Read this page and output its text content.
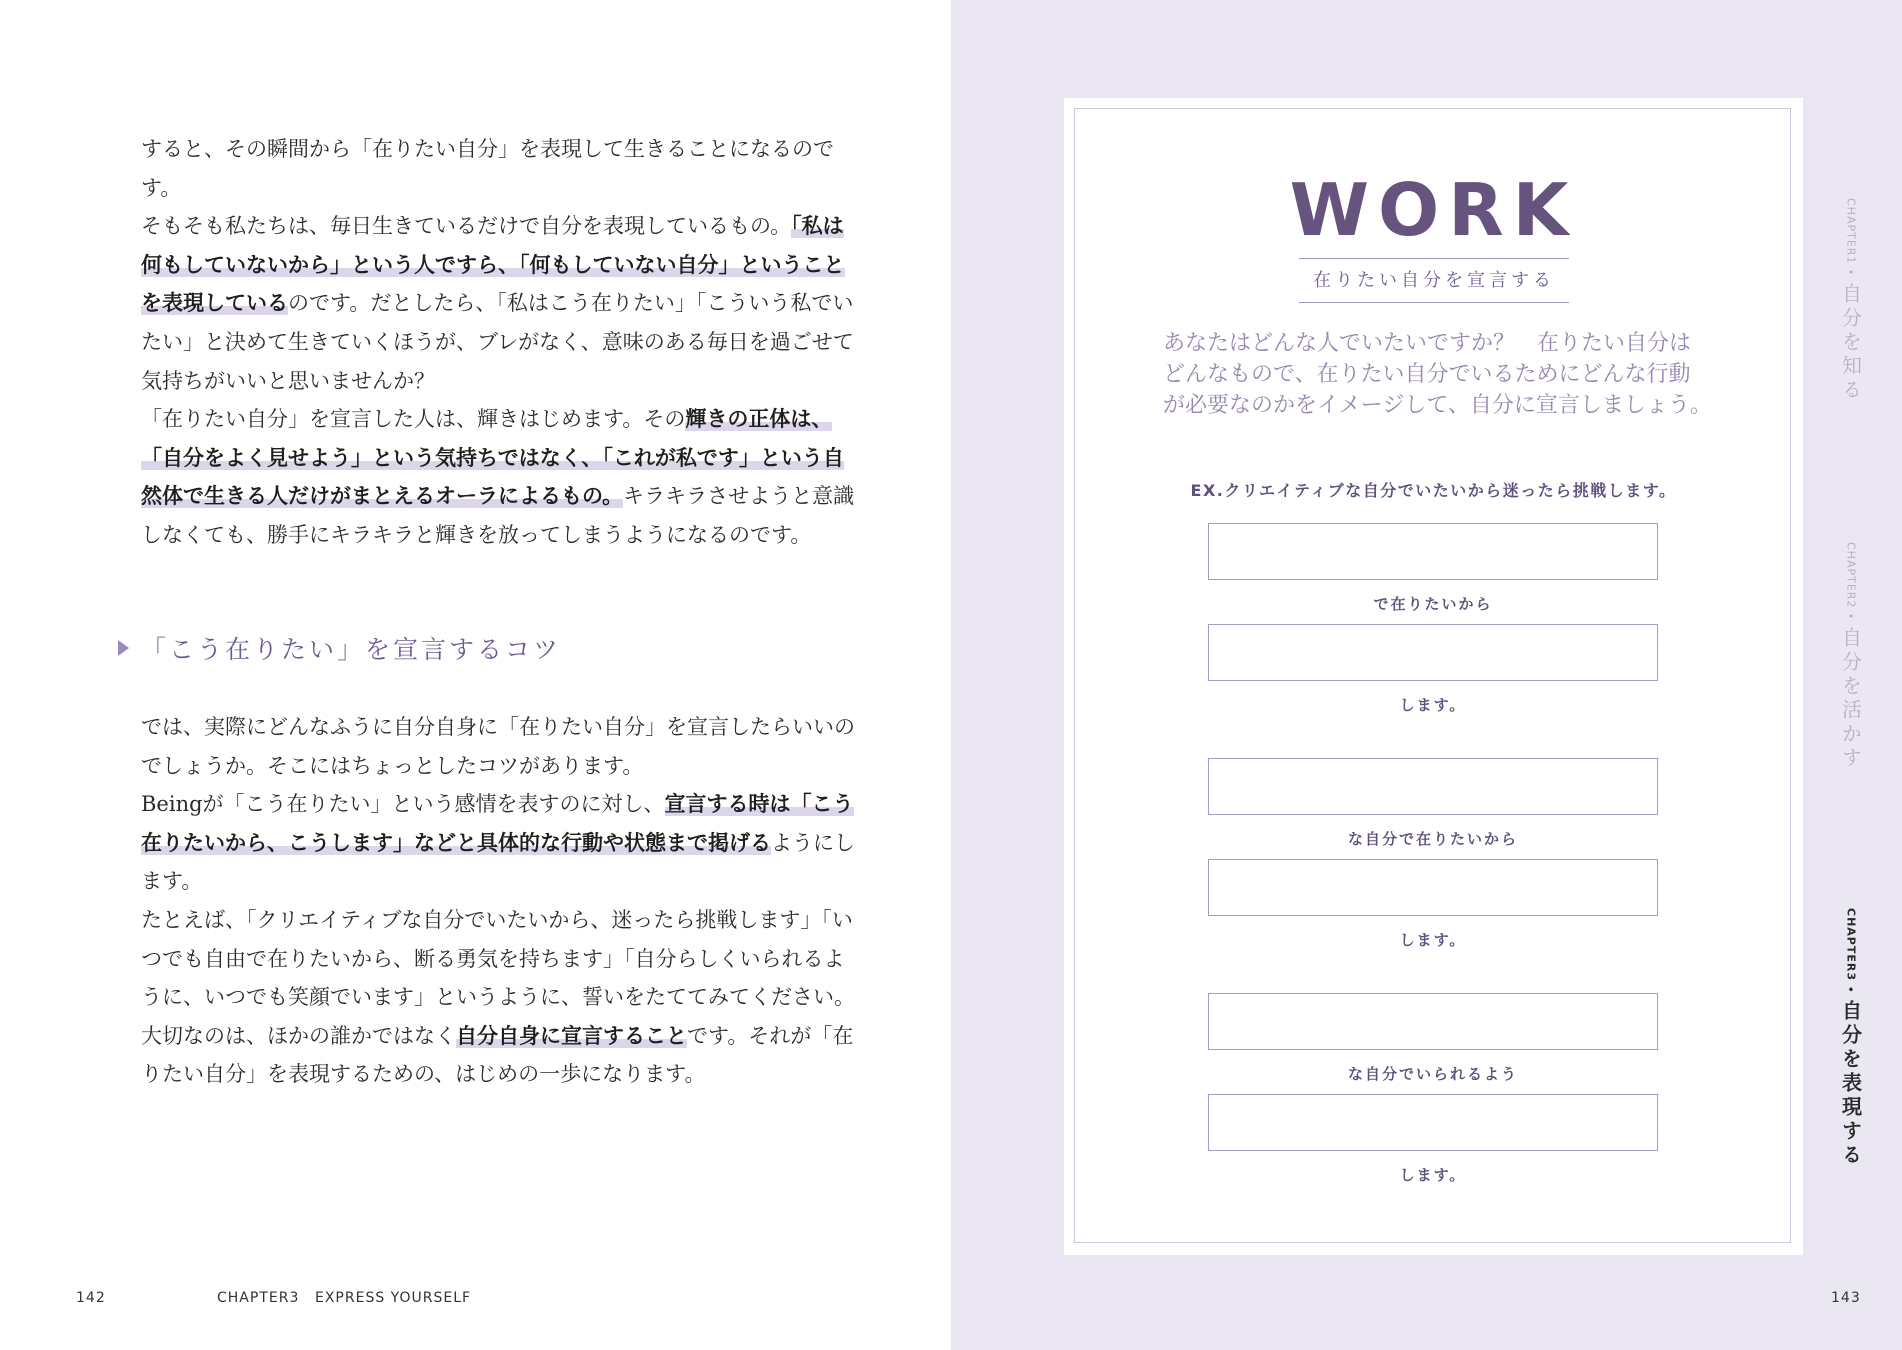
すると、その瞬間から「在りたい自分」を表現して生きることになるのです。

そもそも私たちは、毎日生きているだけで自分を表現しているもの。「私は何もしていないから」という人ですら、「何もしていない自分」ということを表現しているのです。だとしたら、「私はこう在りたい」「こういう私でいたい」と決めて生きていくほうが、ブレがなく、意味のある毎日を過ごせて気持ちがいいと思いませんか？

「在りたい自分」を宣言した人は、輝きはじめます。その輝きの正体は、「自分をよく見せよう」という気持ちではなく、「これが私です」という自然体で生きる人だけがまとえるオーラによるもの。キラキラさせようと意識しなくても、勝手にキラキラと輝きを放ってしまうようになるのです。

「こう在りたい」を宣言するコツ

では、実際にどんなふうに自分自身に「在りたい自分」を宣言したらいいのでしょうか。そこにはちょっとしたコツがあります。

Beingが「こう在りたい」という感情を表すのに対し、宣言する時は「こう在りたいから、こうします」などと具体的な行動や状態まで掲げるようにします。

たとえば、「クリエイティブな自分でいたいから、迷ったら挑戦します」「いつでも自由で在りたいから、断る勇気を持ちます」「自分らしくいられるように、いつでも笑顔でいます」というように、誓いをたててみてください。

大切なのは、ほかの誰かではなく自分自身に宣言することです。それが「在りたい自分」を表現するための、はじめの一歩になります。

142	CHAPTER3 EXPRESS YOURSELF
WORK
在りたい自分を宣言する

あなたはどんな人でいたいですか？　在りたい自分は

どんなもので、在りたい自分でいるためにどんな行動

が必要なのかをイメージして、自分に宣言しましょう。

EX.クリエイティブな自分でいたいから迷ったら挑戦します。
で在りたいから
します。
な自分で在りたいから
します。
な自分でいられるよう
します。
CHAPTER1
•
自分を知る
CHAPTER2
•
自分を活かす
CHAPTER3
•
自分を表現する
143
